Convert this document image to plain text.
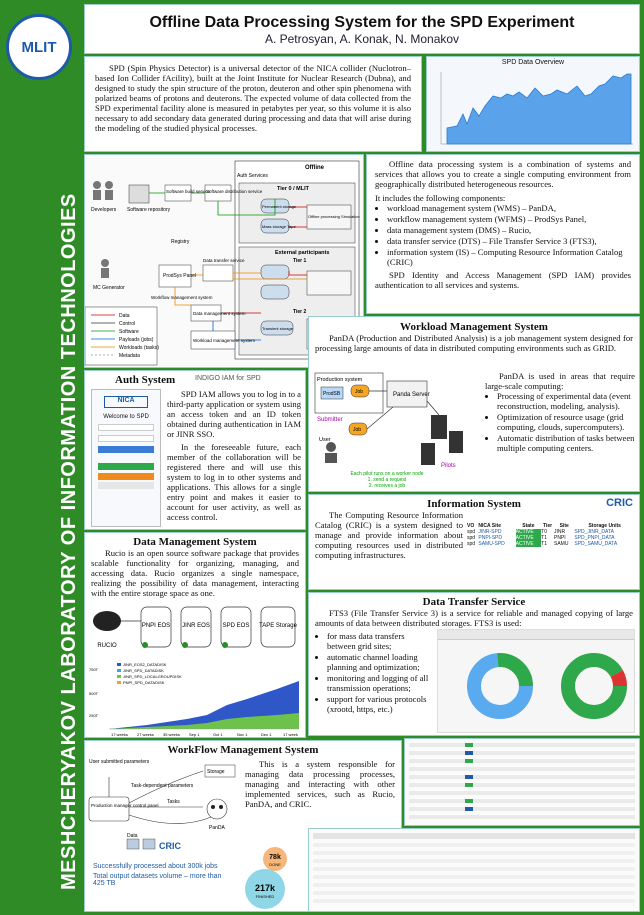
MLIT
MESHCHERYAKOV LABORATORY OF INFORMATION TECHNOLOGIES
Offline Data Processing System for the SPD Experiment
A. Petrosyan, A. Konak, N. Monakov
SPD (Spin Physics Detector) is a universal detector of the NICA collider (Nuclotron–based Ion Collider fAcility), built at the Joint Institute for Nuclear Research (Dubna), and designed to study the spin structure of the proton, deuteron and other spin phenomena with polarized beams of protons and deuterons. The expected volume of data collected from the SPD experimental facility alone is measured in petabytes per year, so this volume it is also necessary to add secondary data generated during processing and data that will arise during the modeling of the studied physical processes.
SPD Data Overview
Developers Software repository
Software build service
Software distribution service
Registry
MC Generator
ProdSys Panel
Workflow management system
Data management system
Data transfer service
Workload management system
Offline
Tier 0 / MLIT
Permanent storage
Mass storage Tape
Offline processing Simulation
External participants
Tier 1
Tier 2
Transient storage
Auth Services
Data
Control
Software
Payloads (jobs)
Workloads (tasks)
Metadata
Offline data processing system is a combination of systems and services that allows you to create a single computing environment from geographically distributed heterogeneous resources.
It includes the following components:
• workload management system (WMS) – PanDA,
• workflow management system (WFMS) – ProdSys Panel,
• data management system (DMS) – Rucio,
• data transfer service (DTS) – File Transfer Service 3 (FTS3),
• information system (IS) – Computing Resource Information Catalog (CRIC)
SPD Identity and Access Management (SPD IAM) provides authentication to all services and systems.
Workload Management System
PanDA (Production and Distributed Analysis) is a job management system designed for processing large amounts of data in distributed computing environments such as GRID.
Production system
ProdSB	Job	Panda Server
Submitter
Job
User
Pilots
Each pilot runs on a worker node
1. send a request
2. receives a job
PanDA is used in areas that require large-scale computing:
• Processing of experimental data (event reconstruction, modeling, analysis).
• Optimization of resource usage (grid computing, clouds, supercomputers).
• Automatic distribution of tasks between multiple computing centers.
Auth System	INDIGO IAM for SPD
NICA
Welcome to SPD
SPD IAM allows you to log in to a third-party application or system using an access token and an ID token obtained during authentication in IAM or JINR SSO.
In the foreseeable future, each member of the collaboration will be registered there and will use this system to log in to other systems and applications. This allows for a single entry point and makes it easier to account for user activity, as well as access control.
Data Management System
Rucio is an open source software package that provides scalable functionality for organizing, managing, and accessing data. Rucio organizes a single namespace, realizing the possibility of data management, interacting with the entire storage space as one.
RUCIO
PNPI EOS JINR EOS SPD EOS TAPE Storage
JINR_EOS2_DATADISK
JINR_SPD_DATADISK
JINR_SPD_LOCALGROUPDISK
PNPI_SPD_DATADISK
750T
500T
250T
17 weeks 27 weeks 35 weeks Sep 1	Oct 1	Nov 1	Dec 1	17 week
Information System	CRIC
The Computing Resource Information Catalog (CRIC) is a system designed to manage and provide information about computing resources used in distributed computing infrastructures.
VO	NICA Site	State	Tier	Site	Storage Units
spd	JINR-SPD	ACTIVE	T0	JINR	SPD_JINR_DATA
spd	PNPI-SPD	ACTIVE	T1	PNPI	SPD_PNPI_DATA
spd	SAMU-SPD	ACTIVE	T1	SAMU	SPD_SAMU_DATA
Data Transfer Service
FTS3 (File Transfer Service 3) is a service for reliable and managed copying of large amounts of data between distributed storages. FTS3 is used:
• for mass data transfers between grid sites;
• automatic channel loading planning and optimization;
• monitoring and logging of all transmission operations;
• support for various protocols (xrootd, https, etc.)
WorkFlow Management System
User submitted parameters
Task-dependent parameters
Production manager control panel
Tasks
Storage
PanDA
Data
CRIC
This is a system responsible for managing data processing processes, managing and interacting with other implemented services, such as Rucio, PanDA, and CRIC.
Successfully processed about 300k jobs
Total output datasets volume – more than 425 TB
78k
DONE
217k
FINISHED
